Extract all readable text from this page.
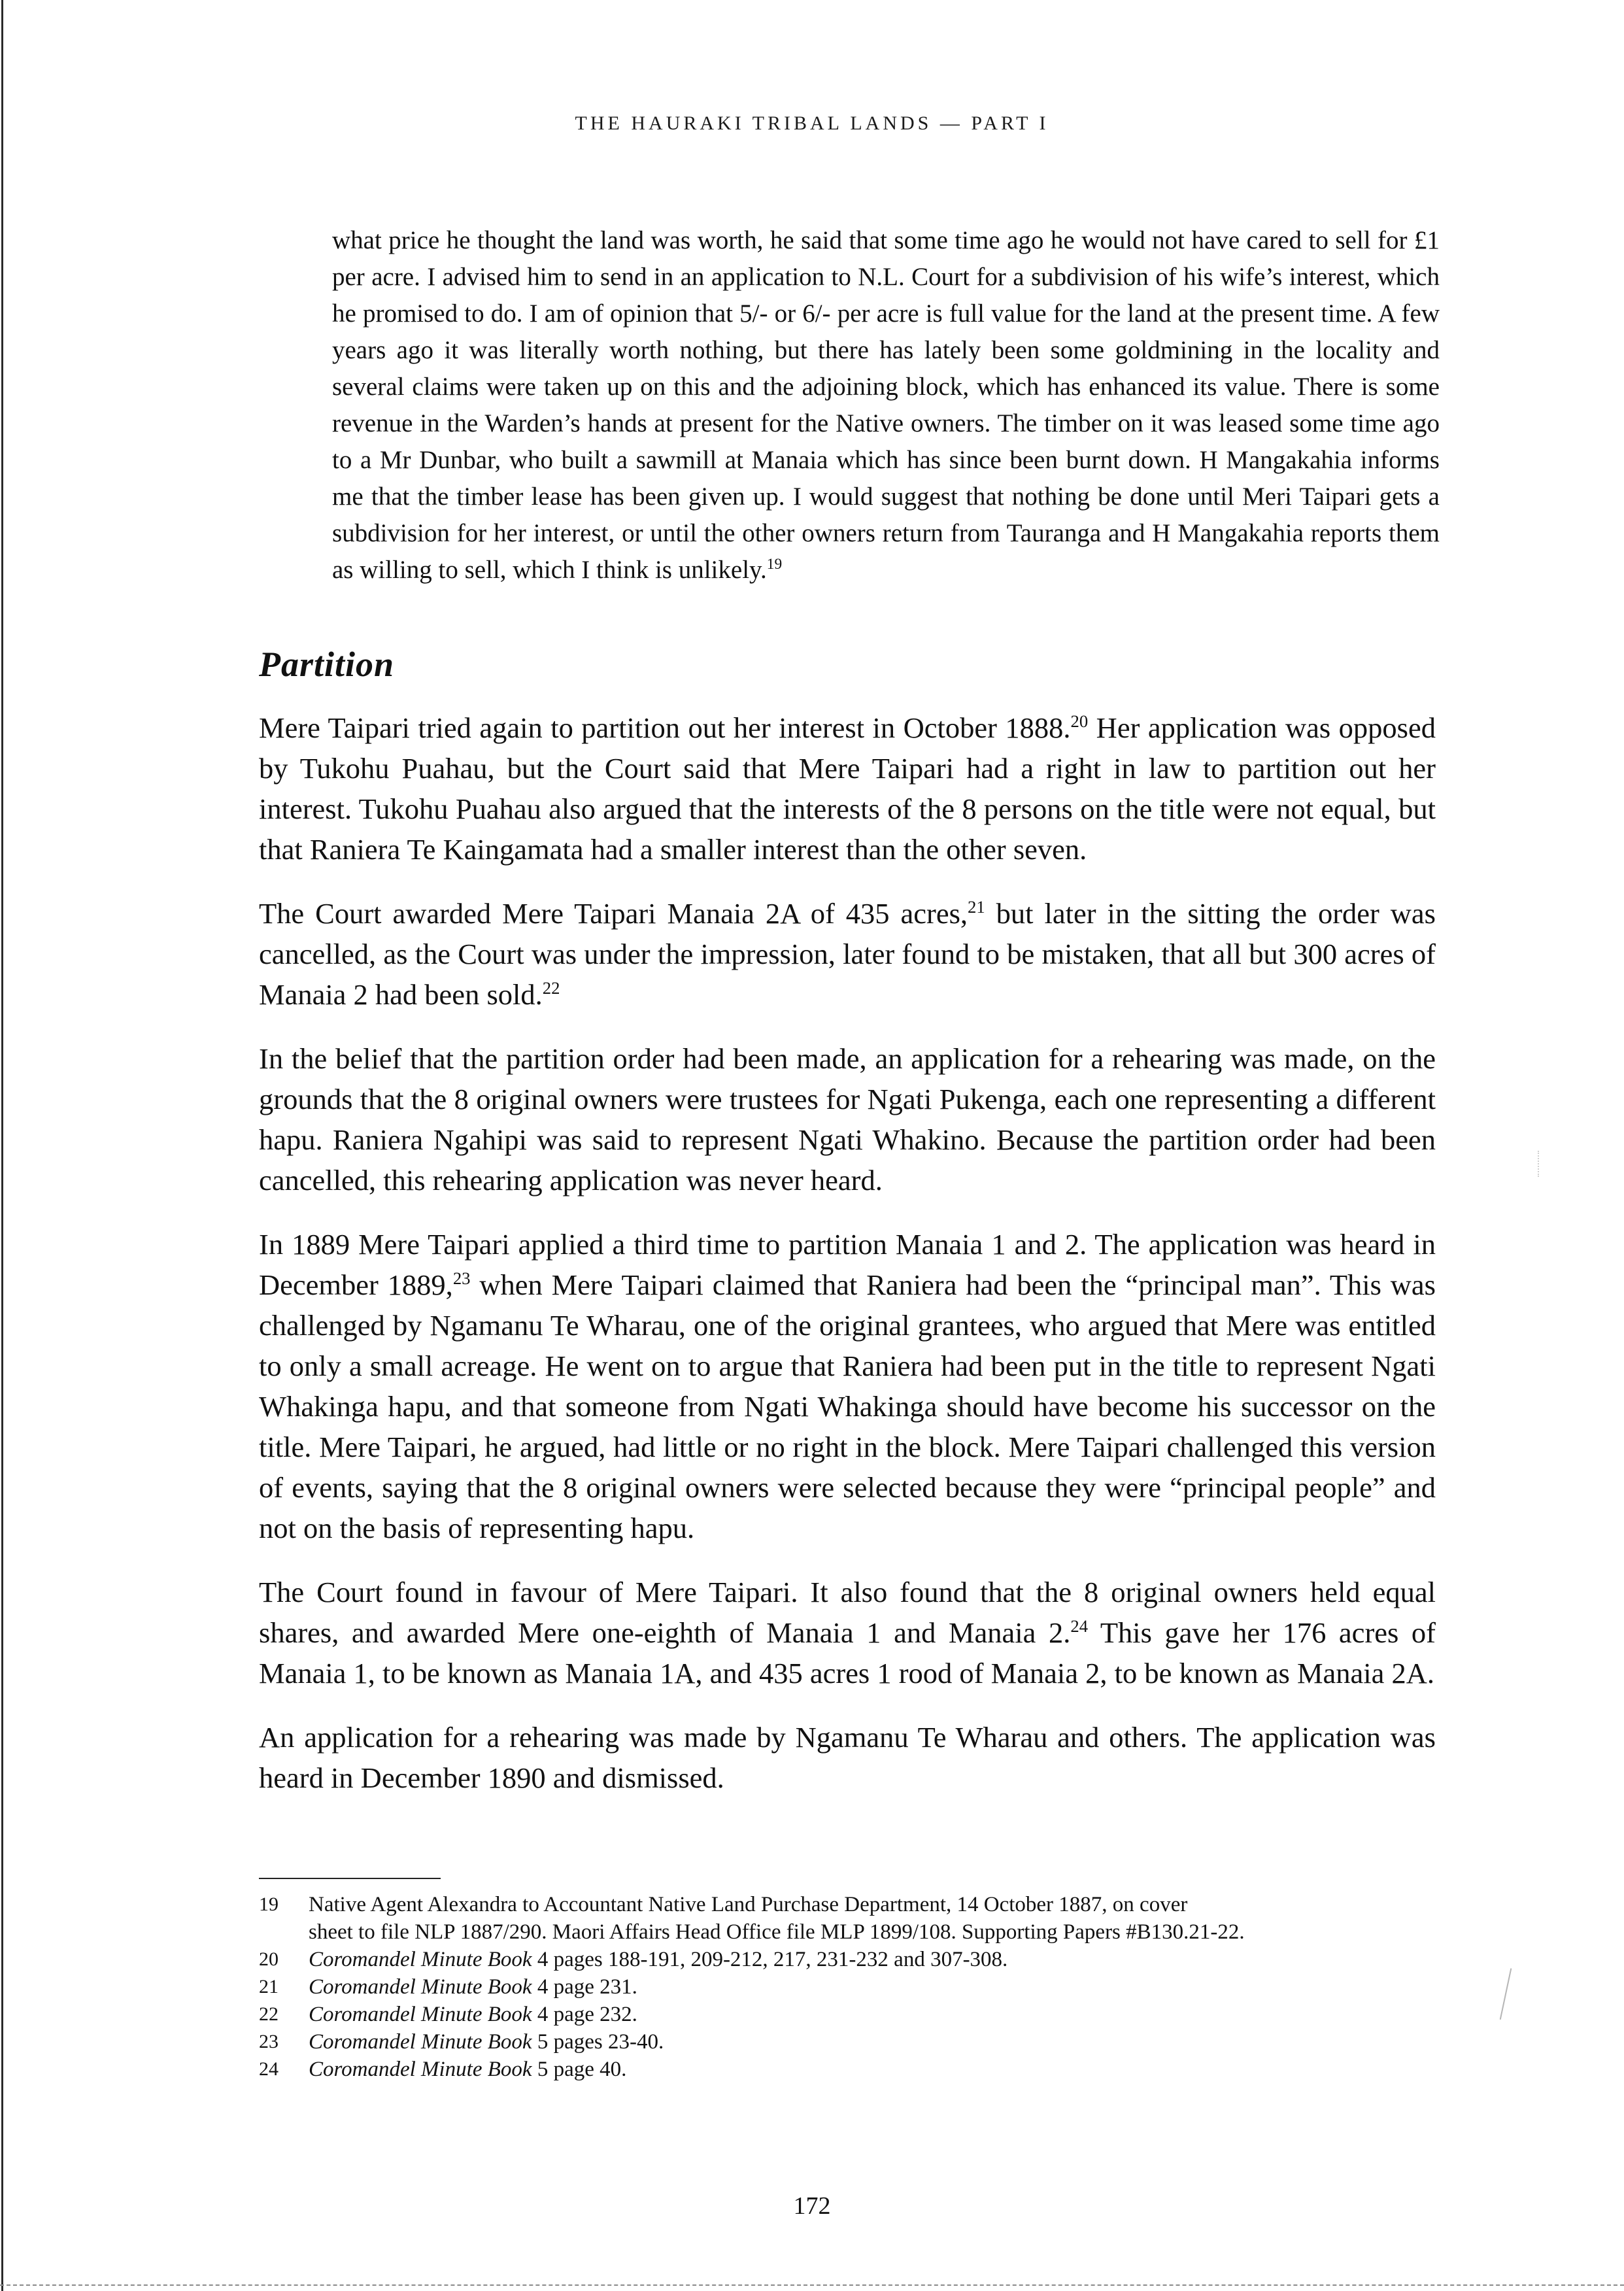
THE HAURAKI TRIBAL LANDS — PART I
what price he thought the land was worth, he said that some time ago he would not have cared to sell for £1 per acre. I advised him to send in an application to N.L. Court for a subdivision of his wife’s interest, which he promised to do. I am of opinion that 5/- or 6/- per acre is full value for the land at the present time. A few years ago it was literally worth nothing, but there has lately been some goldmining in the locality and several claims were taken up on this and the adjoining block, which has enhanced its value. There is some revenue in the Warden’s hands at present for the Native owners. The timber on it was leased some time ago to a Mr Dunbar, who built a sawmill at Manaia which has since been burnt down. H Mangakahia informs me that the timber lease has been given up. I would suggest that nothing be done until Meri Taipari gets a subdivision for her interest, or until the other owners return from Tauranga and H Mangakahia reports them as willing to sell, which I think is unlikely.$^{19}$
Partition

Mere Taipari tried again to partition out her interest in October 1888.20 Her application was opposed by Tukohu Puahau, but the Court said that Mere Taipari had a right in law to partition out her interest. Tukohu Puahau also argued that the interests of the 8 persons on the title were not equal, but that Raniera Te Kaingamata had a smaller interest than the other seven.

The Court awarded Mere Taipari Manaia 2A of 435 acres,$^{21}$ but later in the sitting the order was cancelled, as the Court was under the impression, later found to be mistaken, that all but 300 acres of Manaia 2 had been sold.$^{22}$

In the belief that the partition order had been made, an application for a rehearing was made, on the grounds that the 8 original owners were trustees for Ngati Pukenga, each one representing a different hapu. Raniera Ngahipi was said to represent Ngati Whakino. Because the partition order had been cancelled, this rehearing application was never heard.

In 1889 Mere Taipari applied a third time to partition Manaia 1 and 2. The application was heard in December 1889,23 when Mere Taipari claimed that Raniera had been the “principal man”. This was challenged by Ngamanu Te Wharau, one of the original grantees, who argued that Mere was entitled to only a small acreage. He went on to argue that Raniera had been put in the title to represent Ngati Whakinga hapu, and that someone from Ngati Whakinga should have become his successor on the title. Mere Taipari, he argued, had little or no right in the block. Mere Taipari challenged this version of events, saying that the 8 original owners were selected because they were “principal people” and not on the basis of representing hapu.

The Court found in favour of Mere Taipari. It also found that the 8 original owners held equal shares, and awarded Mere one-eighth of Manaia 1 and Manaia 2.24 This gave her 176 acres of Manaia 1, to be known as Manaia 1A, and 435 acres 1 rood of Manaia 2, to be known as Manaia 2A.

An application for a rehearing was made by Ngamanu Te Wharau and others. The application was heard in December 1890 and dismissed.

19	Native Agent Alexandra to Accountant Native Land Purchase Department, 14 October 1887, on cover
sheet to file NLP 1887/290. Maori Affairs Head Office file MLP 1899/108. Supporting Papers #B130.21-22.
20	Coromandel Minute Book 4 pages 188-191, 209-212, 217, 231-232 and 307-308.
21	Coromandel Minute Book 4 page 231.
22	Coromandel Minute Book 4 page 232.
23	Coromandel Minute Book 5 pages 23-40.
24	Coromandel Minute Book 5 page 40.
172
